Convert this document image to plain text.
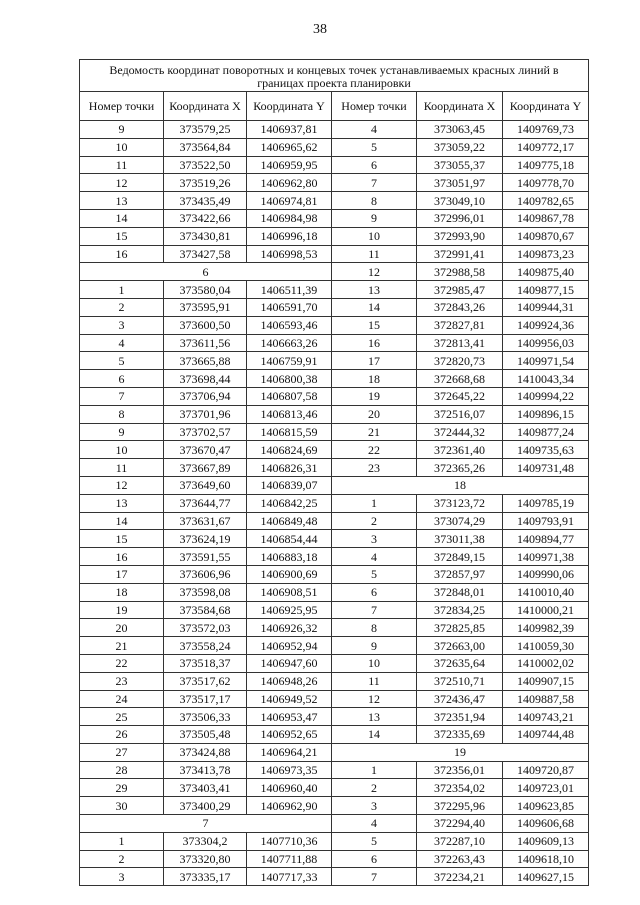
38
Ведомость координат поворотных и концевых точек устанавливаемых красных линий в границах проекта планировки					
Номер точки	Координата X	Координата Y	Номер точки	Координата X	Координата Y
9	373579,25	1406937,81	4	373063,45	1409769,73
10	373564,84	1406965,62	5	373059,22	1409772,17
11	373522,50	1406959,95	6	373055,37	1409775,18
12	373519,26	1406962,80	7	373051,97	1409778,70
13	373435,49	1406974,81	8	373049,10	1409782,65
14	373422,66	1406984,98	9	372996,01	1409867,78
15	373430,81	1406996,18	10	372993,90	1409870,67
16	373427,58	1406998,53	11	372991,41	1409873,23
6			12	372988,58	1409875,40
1	373580,04	1406511,39	13	372985,47	1409877,15
2	373595,91	1406591,70	14	372843,26	1409944,31
3	373600,50	1406593,46	15	372827,81	1409924,36
4	373611,56	1406663,26	16	372813,41	1409956,03
5	373665,88	1406759,91	17	372820,73	1409971,54
6	373698,44	1406800,38	18	372668,68	1410043,34
7	373706,94	1406807,58	19	372645,22	1409994,22
8	373701,96	1406813,46	20	372516,07	1409896,15
9	373702,57	1406815,59	21	372444,32	1409877,24
10	373670,47	1406824,69	22	372361,40	1409735,63
11	373667,89	1406826,31	23	372365,26	1409731,48
12	373649,60	1406839,07	18		
13	373644,77	1406842,25	1	373123,72	1409785,19
14	373631,67	1406849,48	2	373074,29	1409793,91
15	373624,19	1406854,44	3	373011,38	1409894,77
16	373591,55	1406883,18	4	372849,15	1409971,38
17	373606,96	1406900,69	5	372857,97	1409990,06
18	373598,08	1406908,51	6	372848,01	1410010,40
19	373584,68	1406925,95	7	372834,25	1410000,21
20	373572,03	1406926,32	8	372825,85	1409982,39
21	373558,24	1406952,94	9	372663,00	1410059,30
22	373518,37	1406947,60	10	372635,64	1410002,02
23	373517,62	1406948,26	11	372510,71	1409907,15
24	373517,17	1406949,52	12	372436,47	1409887,58
25	373506,33	1406953,47	13	372351,94	1409743,21
26	373505,48	1406952,65	14	372335,69	1409744,48
27	373424,88	1406964,21	19		
28	373413,78	1406973,35	1	372356,01	1409720,87
29	373403,41	1406960,40	2	372354,02	1409723,01
30	373400,29	1406962,90	3	372295,96	1409623,85
7			4	372294,40	1409606,68
1	373304,2	1407710,36	5	372287,10	1409609,13
2	373320,80	1407711,88	6	372263,43	1409618,10
3	373335,17	1407717,33	7	372234,21	1409627,15
